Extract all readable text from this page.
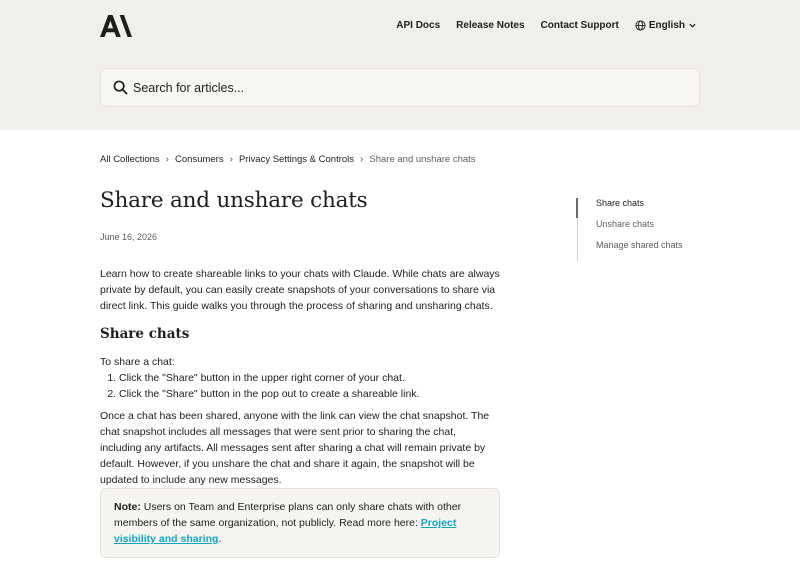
API Docs Release Notes Contact Support	English
Search for articles...
All Collections › Consumers › Privacy Settings & Controls › Share and unshare chats
Share and unshare chats
June 16, 2026

Learn how to create shareable links to your chats with Claude. While chats are always private by default, you can easily create snapshots of your conversations to share via direct link. This guide walks you through the process of sharing and unsharing chats.

Share chats

To share a chat:

1. Click the "Share" button in the upper right corner of your chat.
2. Click the "Share" button in the pop out to create a shareable link.

Once a chat has been shared, anyone with the link can view the chat snapshot. The chat snapshot includes all messages that were sent prior to sharing the chat, including any artifacts. All messages sent after sharing a chat will remain private by default. However, if you unshare the chat and share it again, the snapshot will be updated to include any new messages.

Note: Users on Team and Enterprise plans can only share chats with other members of the same organization, not publicly. Read more here: Project visibility and sharing.
Share chats
Unshare chats
Manage shared chats
